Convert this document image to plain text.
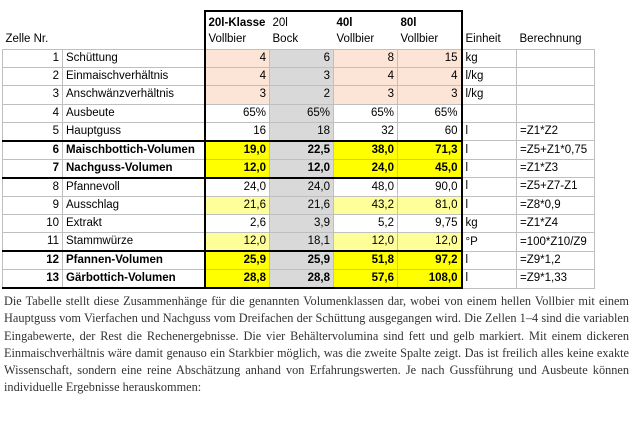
		20l-Klasse	20l	40l	80l		
Zelle Nr.		Vollbier	Bock	Vollbier	Vollbier	Einheit	Berechnung
1	Schüttung	4	6	8	15	kg	
2	Einmaischverhältnis	4	3	4	4	l/kg	
3	Anschwänzverhältnis	3	2	3	3	l/kg	
4	Ausbeute	65%	65%	65%	65%		
5	Hauptguss	16	18	32	60	l	=Z1*Z2
6	Maischbottich-Volumen	19,0	22,5	38,0	71,3	l	=Z5+Z1*0,75
7	Nachguss-Volumen	12,0	12,0	24,0	45,0	l	=Z1*Z3
8	Pfannevoll	24,0	24,0	48,0	90,0	l	=Z5+Z7-Z1
9	Ausschlag	21,6	21,6	43,2	81,0	l	=Z8*0,9
10	Extrakt	2,6	3,9	5,2	9,75	kg	=Z1*Z4
11	Stammwürze	12,0	18,1	12,0	12,0	°P	=100*Z10/Z9
12	Pfannen-Volumen	25,9	25,9	51,8	97,2	l	=Z9*1,2
13	Gärbottich-Volumen	28,8	28,8	57,6	108,0	l	=Z9*1,33
Die Tabelle stellt diese Zusammenhänge für die genannten Volumenklassen dar, wobei von einem hellen Vollbier mit einem Hauptguss vom Vierfachen und Nachguss vom Dreifachen der Schüttung ausgegangen wird. Die Zellen 1–4 sind die variablen Eingabewerte, der Rest die Rechenergebnisse. Die vier Behältervolumina sind fett und gelb markiert. Mit einem dickeren Einmaischverhältnis wäre damit genauso ein Starkbier möglich, was die zweite Spalte zeigt. Das ist freilich alles keine exakte Wissenschaft, sondern eine reine Abschätzung anhand von Erfahrungswerten. Je nach Gussführung und Ausbeute können individuelle Ergebnisse herauskommen:
